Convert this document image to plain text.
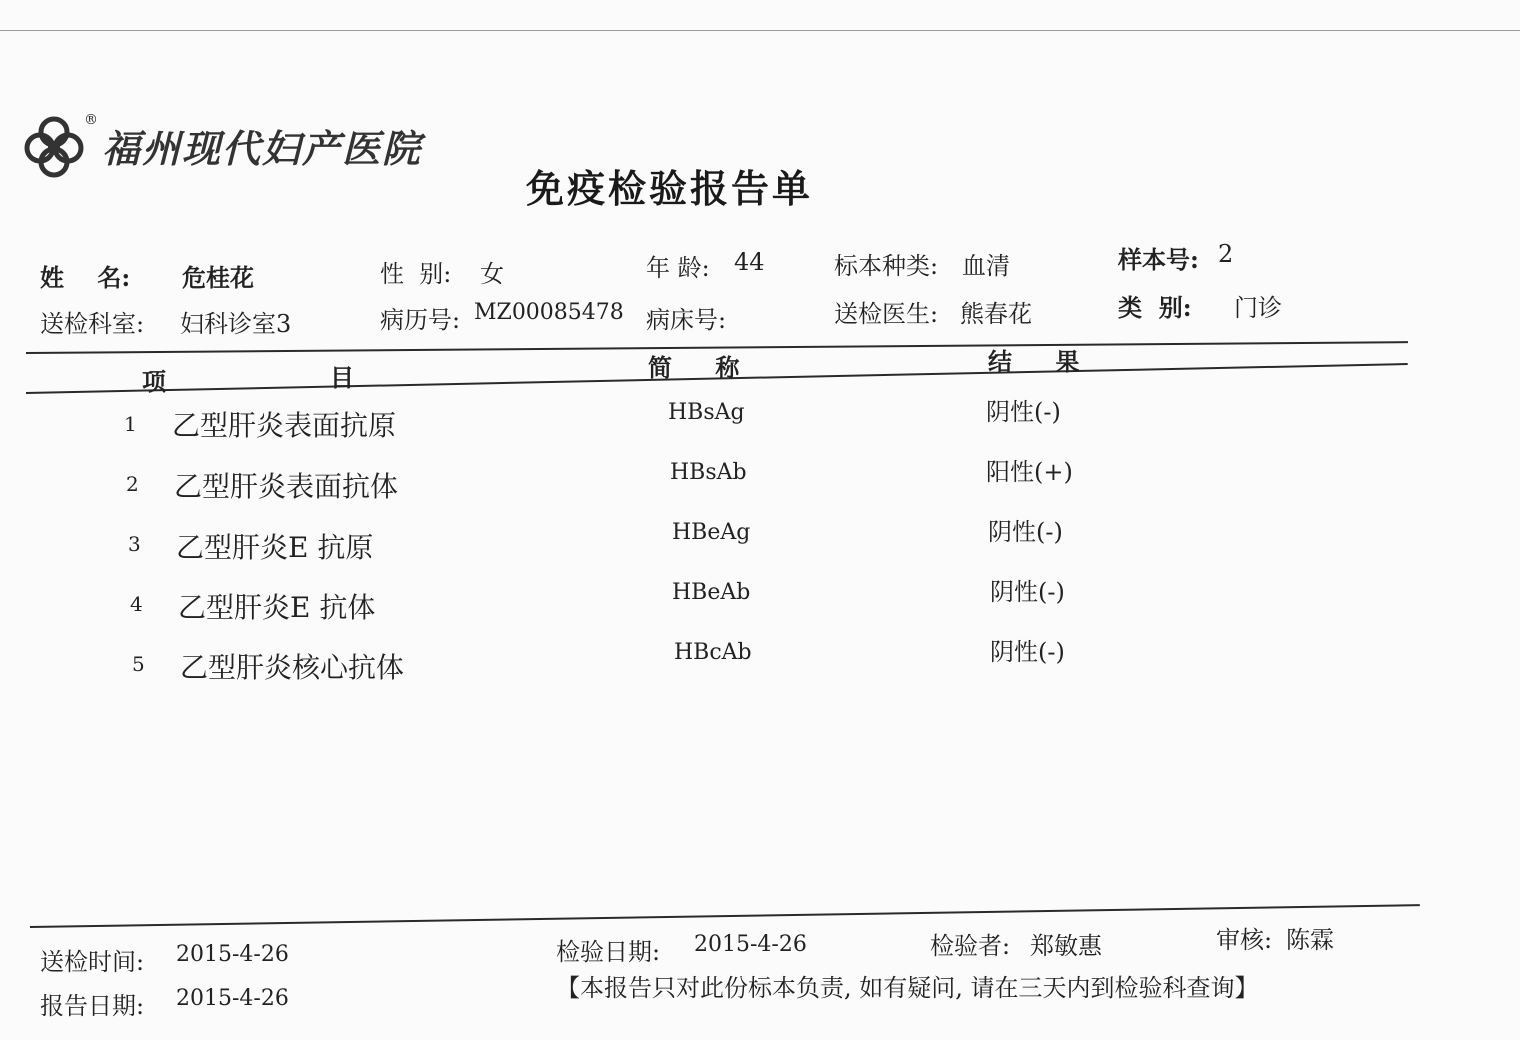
®
福州现代妇产医院
免疫检验报告单
姓    名: 危桂花	性  别: 女	年 龄: 44	标本种类: 血清	样本号: 2
送检科室: 妇科诊室3	病历号: MZ00085478 病床号:	送检医生: 熊春花	类  别: 门诊
项	目	简    称	结    果
1 乙型肝炎表面抗原	HBsAg	阴性(-)
2 乙型肝炎表面抗体	HBsAb	阳性(+)
3 乙型肝炎E 抗原	HBeAg	阴性(-)
4 乙型肝炎E 抗体	HBeAb	阴性(-)
5 乙型肝炎核心抗体	HBcAb	阴性(-)
送检时间: 2015-4-26
报告日期: 2015-4-26
检验日期: 2015-4-26	检验者: 郑敏惠	审核: 陈霖
【本报告只对此份标本负责, 如有疑问, 请在三天内到检验科查询】
